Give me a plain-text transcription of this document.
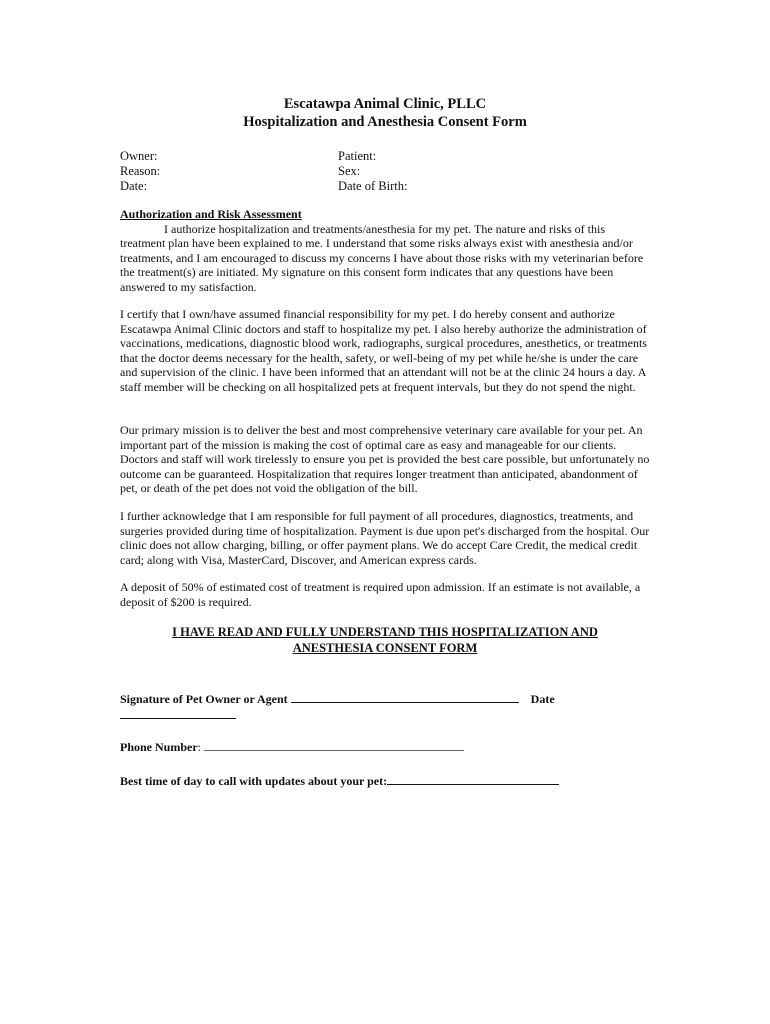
Escatawpa Animal Clinic, PLLC
Hospitalization and Anesthesia Consent Form
Owner:
Reason:
Date:
Patient:
Sex:
Date of Birth:
Authorization and Risk Assessment

I authorize hospitalization and treatments/anesthesia for my pet. The nature and risks of this treatment plan have been explained to me. I understand that some risks always exist with anesthesia and/or treatments, and I am encouraged to discuss my concerns I have about those risks with my veterinarian before the treatment(s) are initiated. My signature on this consent form indicates that any questions have been answered to my satisfaction.

I certify that I own/have assumed financial responsibility for my pet. I do hereby consent and authorize Escatawpa Animal Clinic doctors and staff to hospitalize my pet. I also hereby authorize the administration of vaccinations, medications, diagnostic blood work, radiographs, surgical procedures, anesthetics, or treatments that the doctor deems necessary for the health, safety, or well-being of my pet while he/she is under the care and supervision of the clinic. I have been informed that an attendant will not be at the clinic 24 hours a day. A staff member will be checking on all hospitalized pets at frequent intervals, but they do not spend the night.

Our primary mission is to deliver the best and most comprehensive veterinary care available for your pet. An important part of the mission is making the cost of optimal care as easy and manageable for our clients. Doctors and staff will work tirelessly to ensure you pet is provided the best care possible, but unfortunately no outcome can be guaranteed. Hospitalization that requires longer treatment than anticipated, abandonment of pet, or death of the pet does not void the obligation of the bill.

I further acknowledge that I am responsible for full payment of all procedures, diagnostics, treatments, and surgeries provided during time of hospitalization. Payment is due upon pet's discharged from the hospital. Our clinic does not allow charging, billing, or offer payment plans. We do accept Care Credit, the medical credit card; along with Visa, MasterCard, Discover, and American express cards.

A deposit of 50% of estimated cost of treatment is required upon admission. If an estimate is not available, a deposit of $200 is required.

I HAVE READ AND FULLY UNDERSTAND THIS HOSPITALIZATION AND
ANESTHESIA CONSENT FORM
Signature of Pet Owner or Agent	Date
Phone Number:
Best time of day to call with updates about your pet:
